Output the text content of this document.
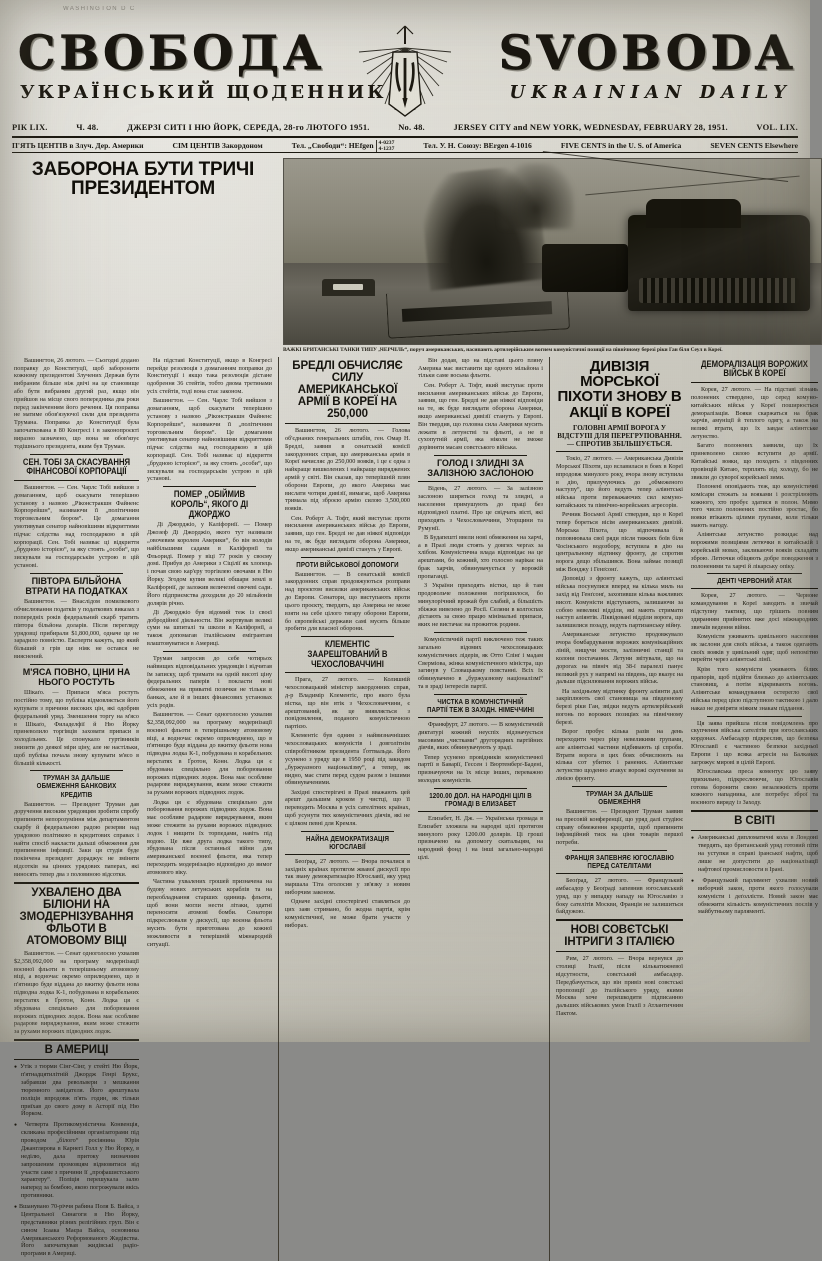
WASHINGTON D C
СВОБОДА	SVOBODA
УКРАЇНСЬКИЙ ЩОДЕННИК	UKRAINIAN DAILY
РІК LIX.	Ч. 48.	ДЖЕРЗІ СИТІ І НЮ ЙОРК, СЕРЕДА, 28-го ЛЮТОГО 1951.	No. 48.	JERSEY CITY and NEW YORK, WEDNESDAY, FEBRUARY 28, 1951.	VOL. LIX.
П'ЯТЬ ЦЕНТІВ в Злуч. Дер. Америки	СІМ ЦЕНТІВ Закордоном	Тел. „Свободи“: HEfgen 4-0237
4-1237	Тел. У. Н. Союзу: BErgen 4-1016	FIVE CENTS in the U. S. of America	SEVEN CENTS Elsewhere
ЗАБОРОНА БУТИ ТРИЧІ ПРЕЗИДЕНТОМ
ВАЖКІ БРИТАНСЬКІ ТАНКИ ТИПУ „ЧЕРЧІЛЬ“, поруч американських, насипають артилерійським вогнем комуністичні позиції на північному березі ріки Ган біля Сеул в Кореї.

Вашингтон, 26 лютого. — Сьогодні додано поправку до Конституції, щоб заборонити кожному президентові Злучених Держав бути вибраним більше ніж двічі на це становище або бути вибраним другий раз, якщо він прийшов на місце свого попередника два роки перед закінченням його речення. Ця поправка не матиме обов'язуючої сили для президента Трумана. Поправка до Конституції була започаткована в 80 Конгресі і в законопроєкті виразно зазначено, що вона не обов'язує тодішнього президента, яким був Труман.

СЕН. ТОБІ ЗА СКАСУВАННЯ ФІНАНСОВОЇ КОРПОРАЦІЇ

Вашингтон. — Сен. Чарлс Тобі вийшов з домаганням, щоб скасувати теперішню установу з назвою „Ріконстракшн Файненс Корпорейшн“, називаючи її „політичним торговельним бюром“. Це домагання умотивував сенатор найновішими відкриттями підчас слідства над господаркою в цій корпорації. Сен. Тобі називає ці відкриття „брудною історією“, за яку стоять „особи“, що зискували на господарськім устрою в цій установі.

ПІВТОРА БІЛЬЙОНА ВТРАТИ НА ПОДАТКАХ

Вашингтон. — Внаслідом помилкового обчислювання податків у податкових виказах з попередніх років федеральний скарб тратить півтора більйона доларів. Після перегляду урядовці прибирали $1,800,000, одначе це не зарадило повністю. Експерти кажуть, що який більший з грів ще ніяк не остався не вияснений.

М'ЯСА ПОВНО, ЦІНИ НА НЬОГО РОСТУТЬ

Шікаґо. — Припаси м'яса ростуть постійно тому, що публіка відмовляється його купувати з причини високих цін, які одобрив федеральний уряд. Зменшення торгу на м'ясо в Шікаґо, Филаделфії й Ню Йорку приневолило торгівців заховати припаси в холодільнях. Це спонукало гуртівників знизити до деякої міри ціну, але не настільки, щоб публіка почала знову купувати м'ясо в більшій кількості.

ТРУМАН ЗА ДАЛЬШЕ ОБМЕЖЕННЯ БАНКОВИХ КРЕДИТІВ

Вашингтон. — Президент Труман дав доручення високим урядовцям зробити спробу припинити непорозуміння між департаментом скарбу й федеральною радою резерви над урядовою політикою в кредитових справах і найти спосіб накласти дальші обмеження для припинення інфляції. Заки ця студія буде покінчена президент дораджує не зміняти відсотків на цінних урядових паперах, які виносять тепер два з половиною відсотки.

УХВАЛЕНО ДВА БІЛІОНИ НА ЗМОДЕРНІЗУВАННЯ ФЛЬОТИ В АТОМОВОМУ ВІЦІ

Вашингтон. — Сенат одноголосно ухвалив $2,358,092,000 на програму модернізації воєнної фльоти в теперішньому атомовому віці, а водночас окремо оприлюднено, що в п'ятницю буде віддана до вжитку фльоти нова підводна лодка К-1, побудована в корабельних верстатях в Ґротон, Конн. Лодка ця є збудована спеціяльно для поборювання ворожих підводних лодок. Вона має особливе радарове виряджування, яким може стежити за рухами ворожих підводних лодок.

В АМЕРИЦІ
● Утік з тюрми Сінг-Сінг, у стейті Ню Йорк, п'ятнадцятилітній Джордж Генрі Брукс, забравши два револьвери з мешкання тюремного завідателя. Його арештувала поліція впродовж п'ять годин, як тільки приїхав до свого дому в Асторії під Ню Йорком.
● Четверта Протикомуністична Конвенція, скликана професійними організаторами під проводом „білого“ росіянина Юрія Джанглярова в Карнегі Голл у Ню Йорку, в неділю, дала притоку визначним запрошеним промовцям відмовитися від участи саме з причини її „профашистського характеру“. Поліція перешукала залю наперед за бомбою, якою погрожували якісь противники.
● Вшанувано 70-річчя рабина Поля Б. Вайса, з Центральної Синагоги в Ню Йорку, представники різних релігійних груп. Він є сином Ісаака Маєра Вайса, основника Американського Реформованого Жидівства. Його започаткував жидівські радіо-програми в Америці.

На підставі Конституції, якщо в Конгресі перейде резолюція з домаганням поправки до Конституції і якщо така резолюція дістане одобрення 36 стейтів, тобто двома третинами усіх стейтів, тоді вона стає законом.

Вашингтон. — Сен. Чарлс Тобі вийшов з домаганням, щоб скасувати теперішню установу з назвою „Ріконстракшн Файненс Корпорейшн“, називаючи її „політичним торговельним бюром“. Це домагання умотивував сенатор найновішими відкриттями підчас слідства над господаркою в цій корпорації. Сен. Тобі називає ці відкриття „брудною історією“, за яку стоять „особи“, що зискували на господарськім устрою в цій установі.

ПОМЕР „ОБІЙМИВ КОРОЛЬ“, ЯКОГО ДІ ДЖОРДЖО

Ді Джорджіо, у Каліфорнії. — Помер Джозеф Ді Джорджіо, якого тут називали „овочевим королем Америки“, бо він володів найбільшими садами в Каліфорнії та Фльориді. Помер у віці 77 років у своєму домі. Прибув до Америки з Сіцілії як хлопець і почав свою кар'єру торгівлею овочами в Ню Йорку. Згодом купив великі обшари землі в Каліфорнії, де заложив величезні овочеві сади. Його підприємства доходили до 20 мільйонів долярів річно.

Ді Джорджіо був відомий теж із своєї добродійної діяльности. Він жертвував великі суми на шпиталі та школи в Каліфорнії, а також допомагав італійським емігрантам влаштовуватися в Америці.

Труман запросив до себе чотирьох найвищих відповідальних урядовців і відчитав їм записку, щоб тримати на одній висоті ціну федеральних паперів і покласти нові обмеження на приватні позички не тільки в банках, але й в інших фінансових установах усіх родів.

Вашингтон. — Сенат одноголосно ухвалив $2,358,092,000 на програму модернізації воєнної фльоти в теперішньому атомовому віці, а водночас окремо оприлюднено, що в п'ятницю буде віддана до вжитку фльоти нова підводна лодка К-1, побудована в корабельних верстатях в Ґротон, Конн. Лодка ця є збудована спеціяльно для поборювання ворожих підводних лодок. Вона має особливе радарове виряджування, яким може стежити за рухами ворожих підводних лодок.

Лодка ця є збудована спеціяльно для поборювання ворожих підводних лодок. Вона має особливе радарове виряджування, яким може стежити за рухами ворожих підводних лодок і нищити їх торпедами, навіть під водою. Це вже друга лодка такого типу, збудована після останньої війни для американської воєнної фльоти, яка тепер переходить модернізацію відповідно до вимог атомового віку.

Частина ухвалених грошей призначена на будову нових летунських кораблів та на переобладнання старших одиниць фльоти, щоб вони могли нести літаки, здатні переносити атомові бомби. Сенатори підкреслювали у дискусії, що воєнна фльота мусить бути приготована до кожної можливости в теперішній міжнародній ситуації.

БРЕДЛІ ОБЧИСЛЯЄ СИЛУ АМЕРИКАНСЬКОЇ АРМІЇ В КОРЕЇ НА 250,000

Вашингтон, 26 лютого. — Голова об'єднаних генеральних штабів, ген. Омар Н. Бредлі, заявив в сенатській комісії закордонних справ, що американська армія в Кореї начисляє до 250,000 вояків, і це є одна з найкраще вишколених і найкраще виряджених армій у світі. Він сказав, що теперішній плян оборони Европи, до якого Америка має вислати чотири дивізії, вимагає, щоб Америка тримала під зброєю армію силою 3,500,000 вояків.

Сен. Роберт А. Тофт, який виступає проти висилання американських військ до Европи, заявив, що ген. Бредлі не дав ніякої відповіди на те, як буде виглядати оборона Америки, якщо американські дивізії стануть у Европі.

ПРОТИ ВІЙСЬКОВОЇ ДОПОМОГИ

Вашингтон. — В сенатській комісії закордонних справ продовжуються розправи над проєктом висилки американських військ до Европи. Сенатори, що виступають проти цього проєкту, твердять, що Америка не може взяти на себе цілого тягару оборони Европи, бо європейські держави самі мусять більше зробити для власної оборони.

КЛЕМЕНТІС ЗААРЕШТОВАНИЙ В ЧЕХОСЛОВАЧЧИНІ

Прага, 27 лютого. — Колишній чехословацький міністер закордонних справ, д-р Владимір Клементіс, про якого була вістка, що він втік з Чехословаччини, є арештований, як це виявляється з повідомлення, поданого комуністичною партією.

Клементіс був одним з найвизначніших чехословацьких комуністів і довголітнім співробітником президента Ґоттвальда. Його усунено з уряду ще в 1950 році під закидом „буржуазного націоналізму“, а тепер, як видно, має стати перед судом разом з іншими обвинуваченими.

Західні спостерігачі в Празі вважають цей арешт дальшим кроком у чистці, що її переводить Москва в усіх сателітних країнах, щоб усунути тих комуністичних діячів, які не є цілком певні для Кремля.

НАЙНА ДЕМОКРАТИЗАЦІЯ ЮГОСЛАВІЇ

Беоґрад, 27 лютого. — Вчора почалися в західніх країнах протягом жвавої дискусії про так звану демократизацію Югославії, яку уряд маршала Тіта оголосив у зв'язку з новим виборчим законом.

Одначе західні спостерігачі ставляться до цих заяв стримано, бо жодна партія, крім комуністичної, не може брати участи у виборах.

Він додав, що на підставі цього пляну Америка має виставити ще одного мільйона і тільки саме восьма фльоти.

Сен. Роберт А. Тофт, який виступає проти висилання американських військ до Европи, заявив, що ген. Бредлі не дав ніякої відповіди на те, як буде виглядати оборона Америки, якщо американські дивізії стануть у Европі. Він твердив, що головна сила Америки мусить лежати в летунстві та фльоті, а не в сухопутній армії, яка ніколи не зможе дорівняти масам совєтського війська.

ГОЛОД І ЗЛИДНІ ЗА ЗАЛІЗНОЮ ЗАСЛОНОЮ

Відень, 27 лютого. — За залізною заслоною ширяться голод та злидні, а населення примушують до праці без відповідної платні. Про це свідчать вісті, які приходять з Чехословаччини, Угорщини та Румунії.

В Будапешті ввели нові обмеження на харчі, а в Празі люди стоять у довгих чергах за хлібом. Комуністична влада відповідає на це арештами, бо кожний, хто голосно нарікає на брак харчів, обвинувачується у ворожій пропаганді.

З України приходять вістки, що й там продовольче положення погіршилося, бо минулорічний врожай був слабий, а більшість збіжжя вивезено до Росії. Селяни в колгоспах дістають за свою працю мінімальні припаси, яких не вистачає на прожиток родини.

Комуністичній партії виключено теж таких загально відомих чехословацьких комуністичних лідерів, як Отто Слінґ і мадам Сверміова, жінка комуністичного міністра, що загинув у Словацькому повстанні. Всіх їх обвинувачено в „буржуазному націоналізмі“ та в зраді інтересів партії.

ЧИСТКА В КОМУНІСТИЧНІЙ ПАРТІЇ ТЕЖ В ЗАХІДН. НІМЕЧЧИНІ

Франкфурт, 27 лютого. — В комуністичній диктатурі кожний неуспіх відзначується масовими „чистками“ другорядних партійних діячів, яких обвинувачують у зраді.

Тепер усунено провідників комуністичної партії в Баварії, Гессен і Вюртемберґ-Бадені, призначуючи на їх місце інших, переважно молодих комуністів.

1200.00 ДОЛ. НА НАРОДНІ ЦІЛІ В ГРОМАДІ В ЕЛИЗАБЕТ

Елизабет, Н. Дж. — Українська громада в Елизабет зложила на народні цілі протягом минулого року 1200.00 долярів. Ці гроші призначено на допомогу скитальцям, на народний фонд і на інші загально-народні цілі.

ДИВІЗІЯ МОРСЬКОЇ ПІХОТИ ЗНОВУ В АКЦІЇ В КОРЕЇ
ГОЛОВНІ АРМІЇ ВОРОГА У ВІДСТУПІ ДЛЯ ПЕРЕГРУПОВАННЯ. — СПРОТИВ ЗБІЛЬШУЄТЬСЯ.

Токіо, 27 лютого. — Американська Дивізія Морської Піхоти, що вславилася в боях в Кореї впродовж минулого року, вчора знову вступила в дію, прилучуючись до „обмеженого наступу“, що його ведуть тепер аліянтські війська проти переважаючих сил комуно-китайських та північно-корейських агресорів.

Речник Восьмої Армії ствердив, що в Кореї тепер бореться вісім американських дивізій. Морська Піхота, що відпочивала й поповнювала свої ряди після тяжких боїв біля Чосінського водозбору, вступила в дію на центральному відтинку фронту, де спротив ворога дещо збільшився. Вона займає позиції між Вонджу і Генґсонґ.

Доповіді з фронту кажуть, що аліянтські війська посунулися вперед на кілька миль на захід від Генґсонґ, захопивши кілька важливих висот. Комуністи відступають, залишаючи за собою невеликі відділи, які мають стримати наступ аліянтів. Ліквідовані відділи ворога, що залишилися позаду, ведуть партизанську війну.

Американське летунство продовжувало вчора бомбардування ворожих комунікаційних ліній, нищучи мости, залізничні станції та колони постачання. Летуни звітували, що на дорогах на північ від 38-ї паралелі панує великий рух у напрямі на південь, що вказує на дальше підсилювання ворожих військ.

На західньому відтинку фронту аліянти далі закріплюють свої становища на південному березі ріки Ган, звідки ведуть артилерійський вогонь по ворожих позиціях на північному березі.

Ворог пробує кілька разів на день переходити через ріку невеликими групами, але аліянтські частини відбивають ці спроби. Втрати ворога в цих боях обчислюють на кілька сот убитих і ранених. Аліянтське летунство щоденно атакує ворожі скупчення за лінією фронту.

ТРУМАН ЗА ДАЛЬШЕ ОБМЕЖЕННЯ

Вашингтон. — Президент Труман заявив на пресовій конференції, що уряд далі студіює справу обмеження кредитів, щоб припинити інфляційний тиск на ціни товарів першої потреби.

ФРАНЦІЯ ЗАПЕВНЯЄ ЮГОСЛАВІЮ ПЕРЕД САТЕЛІТАМИ

Беоґрад, 27 лютого. — Французький амбасадор у Беоґраді запевнив югославський уряд, що у випадку нападу на Югославію з боку сателітів Москви, Франція не залишиться байдужою.

НОВІ СОВЄТСЬКІ ІНТРИГИ З ІТАЛІЄЮ

Рим, 27 лютого. — Вчора вернувся до столиці Італії, після кількатижневої відсутности, совєтський амбасадор. Передбачується, що він привіз нові совєтські пропозиції до італійського уряду, якими Москва хоче перешкодити підписанню дальших військових умов Італії з Атлантичним Пактом.

ДЕМОРАЛІЗАЦІЯ ВОРОЖИХ ВІЙСЬК В КОРЕЇ

Корея, 27 лютого. — На підставі зізнань полонених ствердено, що серед комуно-китайських військ у Кореї поширюється деморалізація. Вояки скаржаться на брак харчів, амуніції й теплого одягу, а також на великі втрати, що їх завдає аліянтське летунство.

Багато полонених заявили, що їх приневолено силою вступити до армії. Китайські вояки, що походять з південних провінцій Китаю, терплять від холоду, бо не звикли до суворої корейської зими.

Полонені оповідають теж, що комуністичні комісари стежать за вояками і розстрілюють кожного, хто пробує здатися в полон. Мимо того число полонених постійно зростає, бо вояки втікають цілими групами, коли тільки мають нагоду.

Аліянтське летунство розкидає над ворожими позиціями летючки в китайській і корейській мовах, закликаючи вояків складати зброю. Летючки обіцяють добре поводження з полоненими та харчі й лікарську опіку.

ДЕНТІ ЧЕРВОНИЙ АТАК

Корея, 27 лютого. — Червоне командування в Кореї заводить в звичай підступну тактику, що грішить повним здиранням прийнятих вже досі міжнародних звичаїв ведення війни.

Комуністи уживають цивільного населення як заслони для своїх військ, а також одягають своїх вояків у цивільний одяг, щоб непомітно перейти через аліянтські лінії.

Крім того комуністи уживають білих прапорів, щоб підійти близько до аліянтських становищ, а потім відкривають вогонь. Аліянтське командування остерегло свої війська перед цією підступною тактикою і дало наказ не довіряти ніяким знакам піддання.

Ця заява прийшла після повідомлень про скупчення війська сателітів при югославських кордонах. Амбасадор підкреслив, що безпека Югославії є частиною безпеки західньої Европи і що всяка агресія на Балканах загрожує мирові в цілій Европі.

Югославська преса коментує цю заяву прихильно, підкреслюючи, що Югославія готова боронити свою незалежність проти кожного нападника, але потребує зброї та воєнного виряду із Заходу.

В СВІТІ
● Американські дипломатичні кола в Лондоні твердять, що британський уряд готовий піти на уступки в справі іранської нафти, щоб лише не допустити до націоналізації нафтової промисловости в Ірані.
● Французький парлямент ухвалив новий виборчий закон, проти якого голосували комуністи і деґоллісти. Новий закон має обмежити кількість комуністичних послів у майбутньому парляменті.
